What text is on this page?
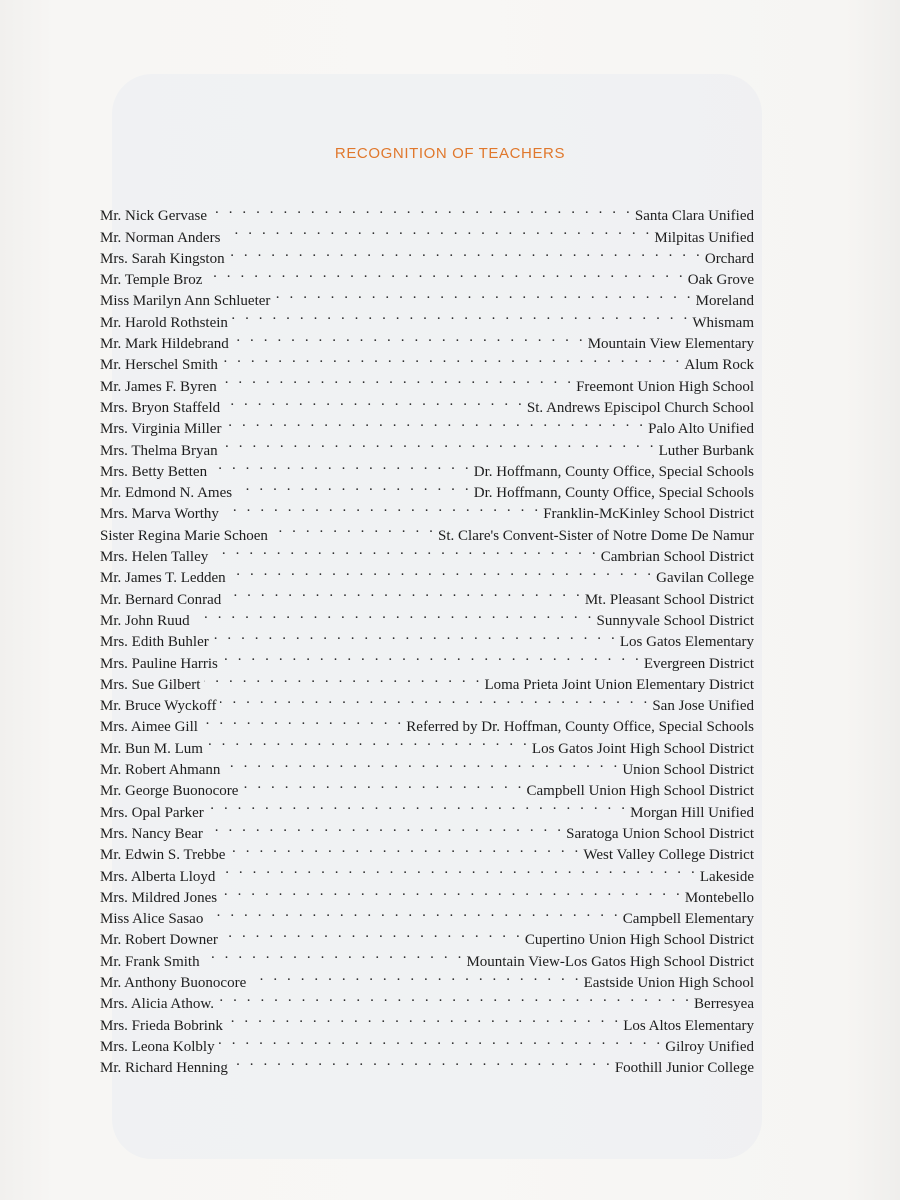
RECOGNITION OF TEACHERS
Mr. Nick Gervase . . .	Santa Clara Unified
Mr. Norman Anders . . .	Milpitas Unified
Mrs. Sarah Kingston . . .	Orchard
Mr. Temple Broz . . .	Oak Grove
Miss Marilyn Ann Schlueter . . .	Moreland
Mr. Harold Rothstein . . .	Whismam
Mr. Mark Hildebrand . . .	Mountain View Elementary
Mr. Herschel Smith . . .	Alum Rock
Mr. James F. Byren . . .	Freemont Union High School
Mrs. Bryon Staffeld . . .	St. Andrews Episcipol Church School
Mrs. Virginia Miller . . .	Palo Alto Unified
Mrs. Thelma Bryan . . .	Luther Burbank
Mrs. Betty Betten . . .	Dr. Hoffmann, County Office, Special Schools
Mr. Edmond N. Ames . . .	Dr. Hoffmann, County Office, Special Schools
Mrs. Marva Worthy . . .	Franklin-McKinley School District
Sister Regina Marie Schoen . . .	St. Clare's Convent-Sister of Notre Dome De Namur
Mrs. Helen Talley . . .	Cambrian School District
Mr. James T. Ledden . . .	Gavilan College
Mr. Bernard Conrad . . .	Mt. Pleasant School District
Mr. John Ruud . . .	Sunnyvale School District
Mrs. Edith Buhler . . .	Los Gatos Elementary
Mrs. Pauline Harris . . .	Evergreen District
Mrs. Sue Gilbert . . .	Loma Prieta Joint Union Elementary District
Mr. Bruce Wyckoff . . .	San Jose Unified
Mrs. Aimee Gill . . .	Referred by Dr. Hoffman, County Office, Special Schools
Mr. Bun M. Lum . . .	Los Gatos Joint High School District
Mr. Robert Ahmann . . .	Union School District
Mr. George Buonocore . . .	Campbell Union High School District
Mrs. Opal Parker . . .	Morgan Hill Unified
Mrs. Nancy Bear . . .	Saratoga Union School District
Mr. Edwin S. Trebbe . . .	West Valley College District
Mrs. Alberta Lloyd . . .	Lakeside
Mrs. Mildred Jones . . .	Montebello
Miss Alice Sasao . . .	Campbell Elementary
Mr. Robert Downer . . .	Cupertino Union High School District
Mr. Frank Smith . . .	Mountain View-Los Gatos High School District
Mr. Anthony Buonocore . . .	Eastside Union High School
Mrs. Alicia Athow. . . .	Berresyea
Mrs. Frieda Bobrink . . .	Los Altos Elementary
Mrs. Leona Kolbly . . .	Gilroy Unified
Mr. Richard Henning . . .	Foothill Junior College
